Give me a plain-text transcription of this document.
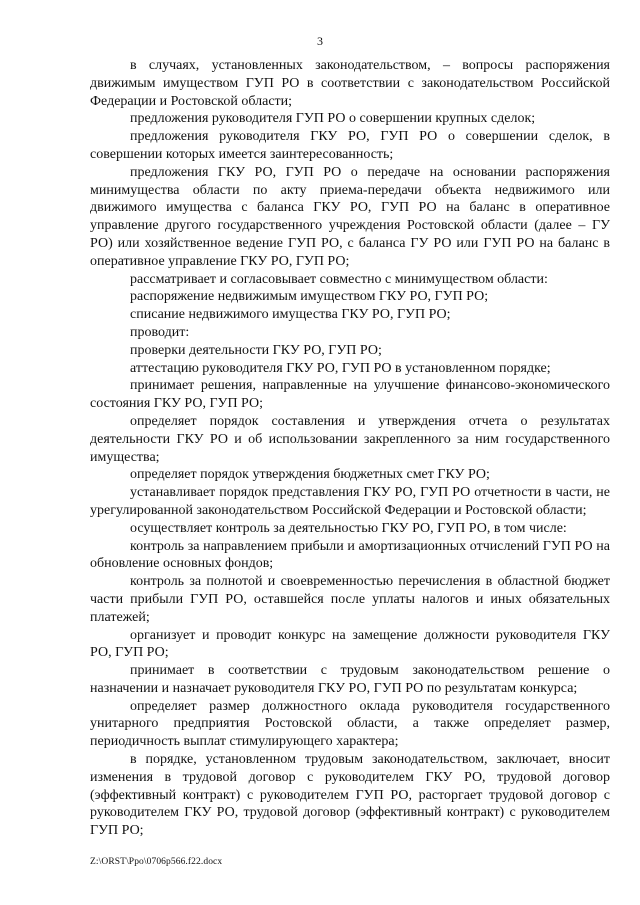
3

в случаях, установленных законодательством, – вопросы распоряжения движимым имуществом ГУП РО в соответствии с законодательством Российской Федерации и Ростовской области;

предложения руководителя ГУП РО о совершении крупных сделок;

предложения руководителя ГКУ РО, ГУП РО о совершении сделок, в совершении которых имеется заинтересованность;

предложения ГКУ РО, ГУП РО о передаче на основании распоряжения минимущества области по акту приема-передачи объекта недвижимого или движимого имущества с баланса ГКУ РО, ГУП РО на баланс в оперативное управление другого государственного учреждения Ростовской области (далее – ГУ РО) или хозяйственное ведение ГУП РО, с баланса ГУ РО или ГУП РО на баланс в оперативное управление ГКУ РО, ГУП РО;

рассматривает и согласовывает совместно с минимуществом области:

распоряжение недвижимым имуществом ГКУ РО, ГУП РО;

списание недвижимого имущества ГКУ РО, ГУП РО;

проводит:

проверки деятельности ГКУ РО, ГУП РО;

аттестацию руководителя ГКУ РО, ГУП РО в установленном порядке;

принимает решения, направленные на улучшение финансово-экономического состояния ГКУ РО, ГУП РО;

определяет порядок составления и утверждения отчета о результатах деятельности ГКУ РО и об использовании закрепленного за ним государственного имущества;

определяет порядок утверждения бюджетных смет ГКУ РО;

устанавливает порядок представления ГКУ РО, ГУП РО отчетности в части, не урегулированной законодательством Российской Федерации и Ростовской области;

осуществляет контроль за деятельностью ГКУ РО, ГУП РО, в том числе:

контроль за направлением прибыли и амортизационных отчислений ГУП РО на обновление основных фондов;

контроль за полнотой и своевременностью перечисления в областной бюджет части прибыли ГУП РО, оставшейся после уплаты налогов и иных обязательных платежей;

организует и проводит конкурс на замещение должности руководителя ГКУ РО, ГУП РО;

принимает в соответствии с трудовым законодательством решение о назначении и назначает руководителя ГКУ РО, ГУП РО по результатам конкурса;

определяет размер должностного оклада руководителя государственного унитарного предприятия Ростовской области, а также определяет размер, периодичность выплат стимулирующего характера;

в порядке, установленном трудовым законодательством, заключает, вносит изменения в трудовой договор с руководителем ГКУ РО, трудовой договор (эффективный контракт) с руководителем ГУП РО, расторгает трудовой договор с руководителем ГКУ РО, трудовой договор (эффективный контракт) с руководителем ГУП РО;

Z:\ORST\Ppo\0706p566.f22.docx
